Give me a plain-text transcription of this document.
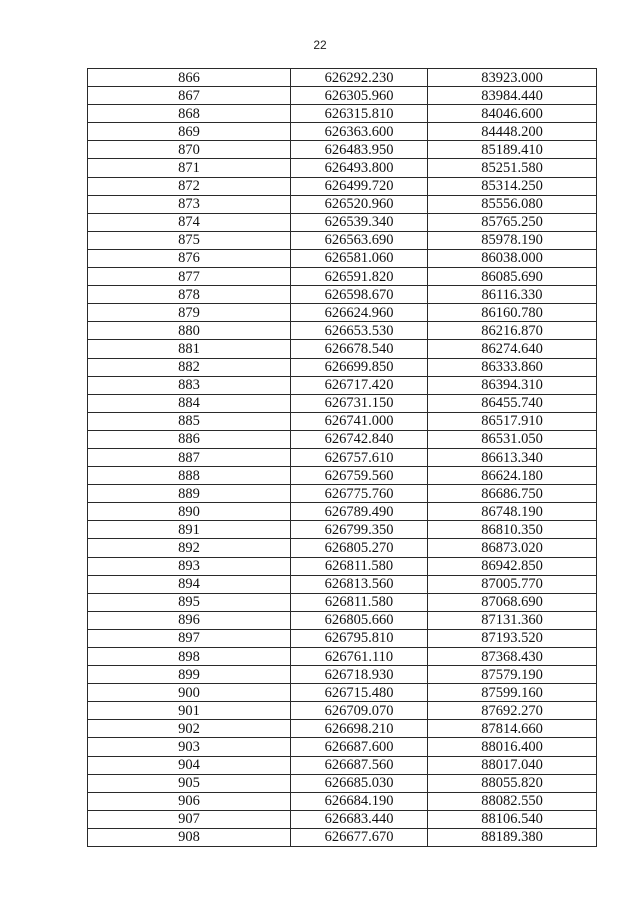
22
866	626292.230	83923.000
867	626305.960	83984.440
868	626315.810	84046.600
869	626363.600	84448.200
870	626483.950	85189.410
871	626493.800	85251.580
872	626499.720	85314.250
873	626520.960	85556.080
874	626539.340	85765.250
875	626563.690	85978.190
876	626581.060	86038.000
877	626591.820	86085.690
878	626598.670	86116.330
879	626624.960	86160.780
880	626653.530	86216.870
881	626678.540	86274.640
882	626699.850	86333.860
883	626717.420	86394.310
884	626731.150	86455.740
885	626741.000	86517.910
886	626742.840	86531.050
887	626757.610	86613.340
888	626759.560	86624.180
889	626775.760	86686.750
890	626789.490	86748.190
891	626799.350	86810.350
892	626805.270	86873.020
893	626811.580	86942.850
894	626813.560	87005.770
895	626811.580	87068.690
896	626805.660	87131.360
897	626795.810	87193.520
898	626761.110	87368.430
899	626718.930	87579.190
900	626715.480	87599.160
901	626709.070	87692.270
902	626698.210	87814.660
903	626687.600	88016.400
904	626687.560	88017.040
905	626685.030	88055.820
906	626684.190	88082.550
907	626683.440	88106.540
908	626677.670	88189.380
